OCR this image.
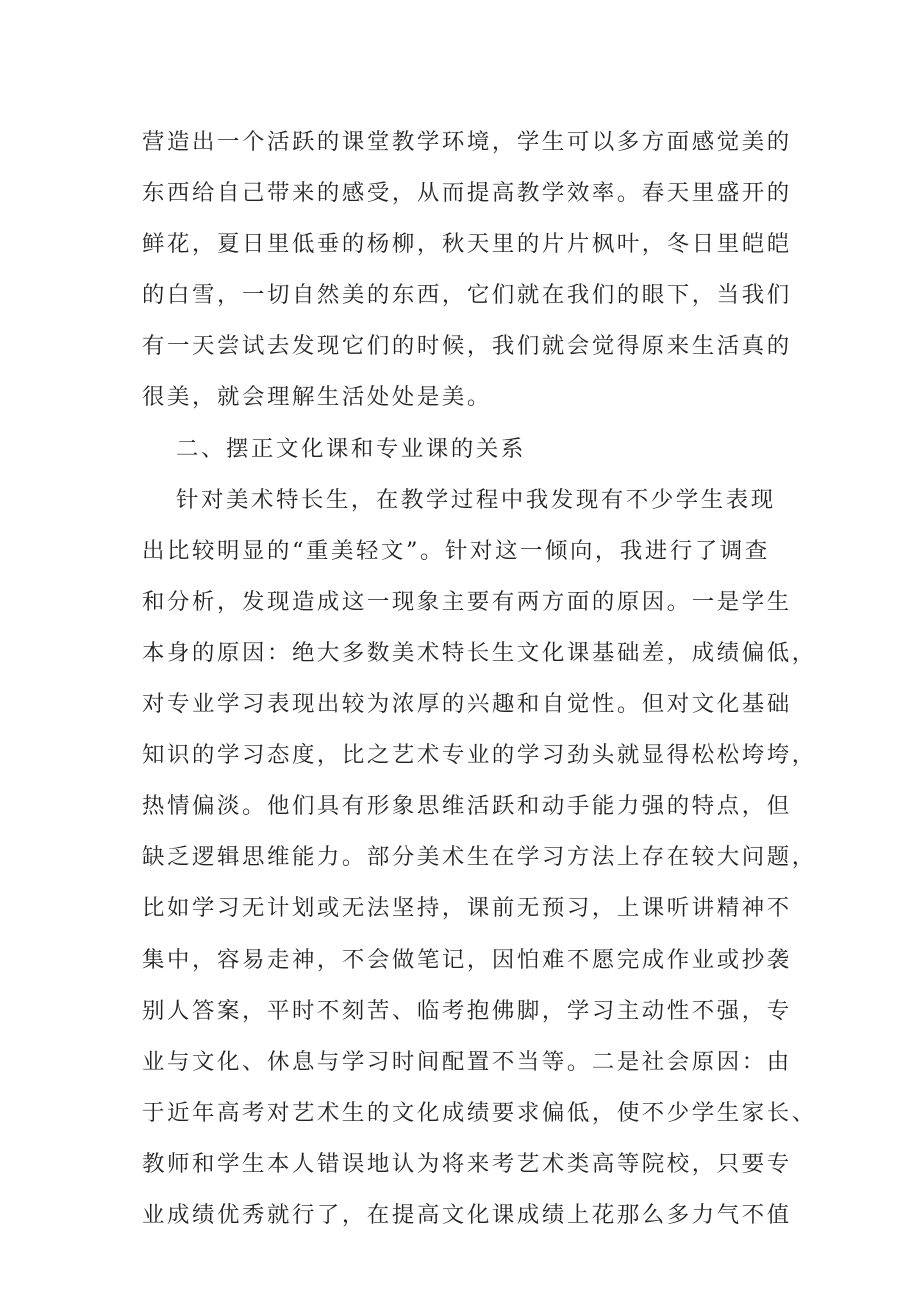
营造出一个活跃的课堂教学环境，学生可以多方面感觉美的
东西给自己带来的感受，从而提高教学效率。春天里盛开的
鲜花，夏日里低垂的杨柳，秋天里的片片枫叶，冬日里皑皑
的白雪，一切自然美的东西，它们就在我们的眼下，当我们
有一天尝试去发现它们的时候，我们就会觉得原来生活真的
很美，就会理解生活处处是美。
二、摆正文化课和专业课的关系
针对美术特长生，在教学过程中我发现有不少学生表现
出比较明显的“重美轻文”。针对这一倾向，我进行了调查
和分析，发现造成这一现象主要有两方面的原因。一是学生
本身的原因：绝大多数美术特长生文化课基础差，成绩偏低，
对专业学习表现出较为浓厚的兴趣和自觉性。但对文化基础
知识的学习态度，比之艺术专业的学习劲头就显得松松垮垮，
热情偏淡。他们具有形象思维活跃和动手能力强的特点，但
缺乏逻辑思维能力。部分美术生在学习方法上存在较大问题，
比如学习无计划或无法坚持，课前无预习，上课听讲精神不
集中，容易走神，不会做笔记，因怕难不愿完成作业或抄袭
别人答案，平时不刻苦、临考抱佛脚，学习主动性不强，专
业与文化、休息与学习时间配置不当等。二是社会原因：由
于近年高考对艺术生的文化成绩要求偏低，使不少学生家长、
教师和学生本人错误地认为将来考艺术类高等院校，只要专
业成绩优秀就行了，在提高文化课成绩上花那么多力气不值
